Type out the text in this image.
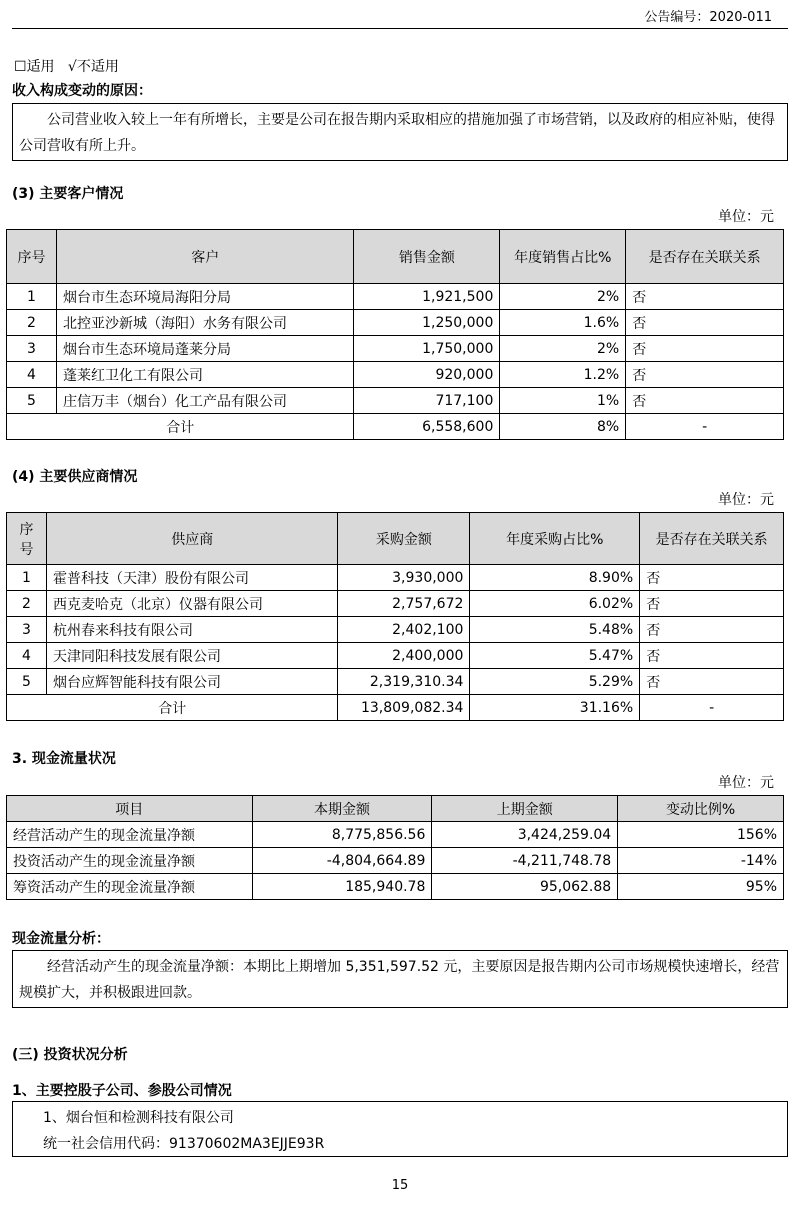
公告编号：2020-011
☐适用 √不适用
收入构成变动的原因：

公司营业收入较上一年有所增长，主要是公司在报告期内采取相应的措施加强了市场营销，以及政府的相应补贴，使得公司营收有所上升。

(3) 主要客户情况
单位：元
序号	客户	销售金额	年度销售占比%	是否存在关联关系
1	烟台市生态环境局海阳分局	1,921,500	2%	否
2	北控亚沙新城（海阳）水务有限公司	1,250,000	1.6%	否
3	烟台市生态环境局蓬莱分局	1,750,000	2%	否
4	蓬莱红卫化工有限公司	920,000	1.2%	否
5	庄信万丰（烟台）化工产品有限公司	717,100	1%	否
合计		6,558,600	8%	-
(4) 主要供应商情况
单位：元
序号	供应商	采购金额	年度采购占比%	是否存在关联关系
1	霍普科技（天津）股份有限公司	3,930,000	8.90%	否
2	西克麦哈克（北京）仪器有限公司	2,757,672	6.02%	否
3	杭州春来科技有限公司	2,402,100	5.48%	否
4	天津同阳科技发展有限公司	2,400,000	5.47%	否
5	烟台应辉智能科技有限公司	2,319,310.34	5.29%	否
合计		13,809,082.34	31.16%	-
3. 现金流量状况
单位：元
项目	本期金额	上期金额	变动比例%
经营活动产生的现金流量净额	8,775,856.56	3,424,259.04	156%
投资活动产生的现金流量净额	-4,804,664.89	-4,211,748.78	-14%
筹资活动产生的现金流量净额	185,940.78	95,062.88	95%
现金流量分析：

经营活动产生的现金流量净额：本期比上期增加 5,351,597.52 元，主要原因是报告期内公司市场规模快速增长，经营规模扩大，并积极跟进回款。

(三) 投资状况分析
1、主要控股子公司、参股公司情况
1、烟台恒和检测科技有限公司
统一社会信用代码：91370602MA3EJJE93R
15
